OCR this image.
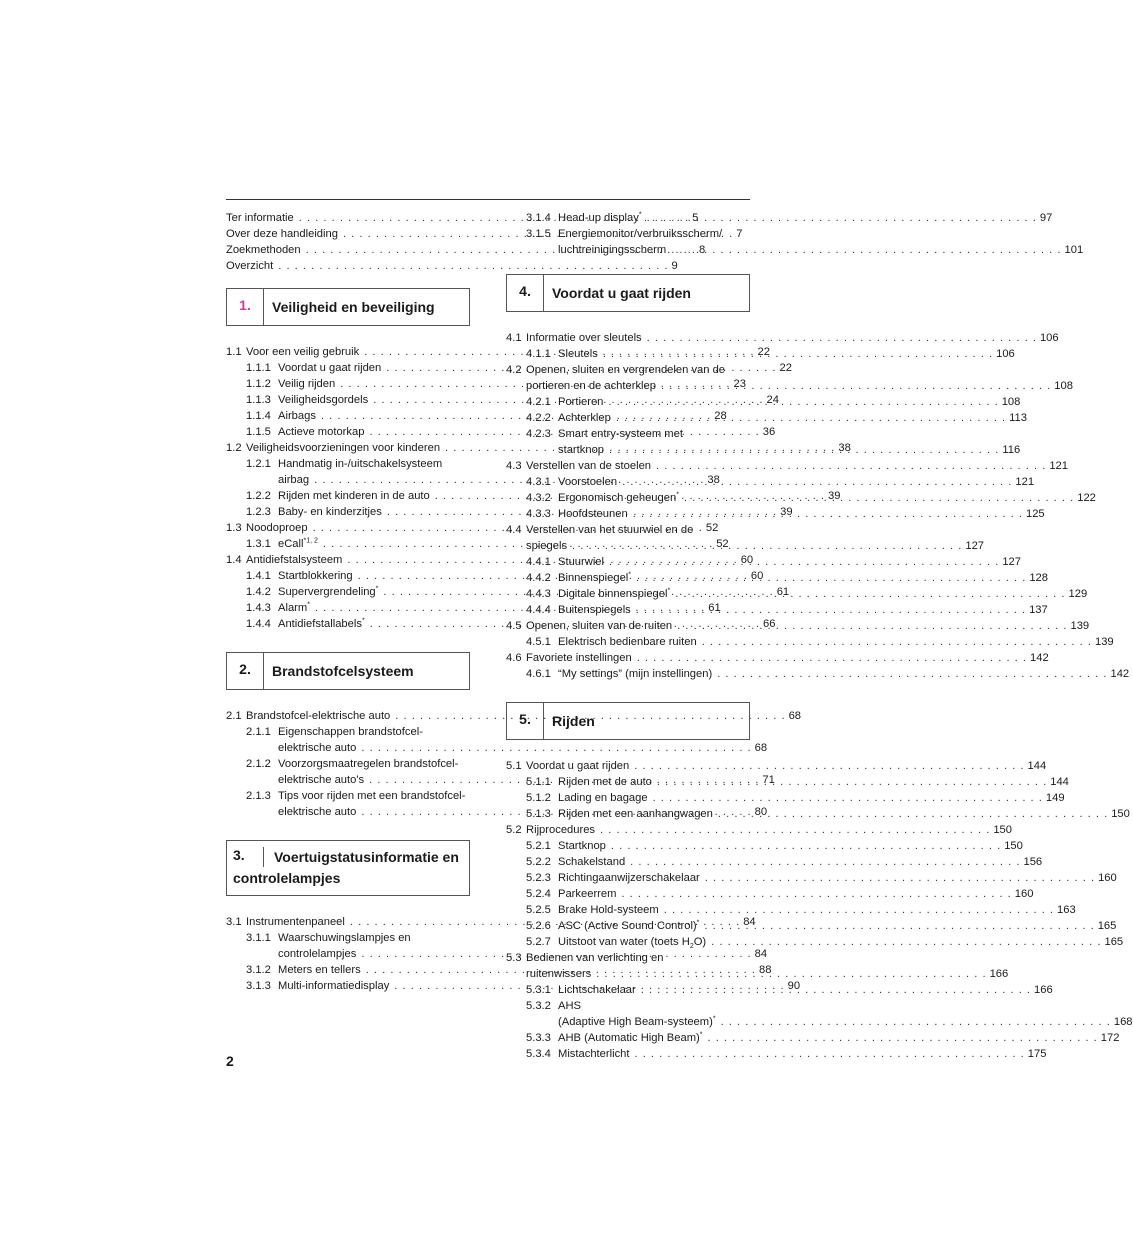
Ter informatie . . .	5
Over deze handleiding . . .	7
Zoekmethoden . . .	8
Overzicht . . .	9
1.	Veiligheid en beveiliging
1.1 Voor een veilig gebruik . . .	22
1.1.1 Voordat u gaat rijden . . .	22
1.1.2 Veilig rijden . . .	23
1.1.3 Veiligheidsgordels . . .	24
1.1.4 Airbags . . .	28
1.1.5 Actieve motorkap . . .	36
1.2 Veiligheidsvoorzieningen voor kinderen . . .	38
1.2.1 Handmatig in-/uitschakelsysteem
airbag . . .	38
1.2.2 Rijden met kinderen in de auto . . .	39
1.2.3 Baby- en kinderzitjes . . .	39
1.3 Noodoproep . . .	52
1.3.1 eCall$^{*1, 2}$ . . .	52
1.4 Antidiefstalsysteem . . .	60
1.4.1 Startblokkering . . .	60
1.4.2 Supervergrendeling* . . .	61
1.4.3 Alarm* . . .	61
1.4.4 Antidiefstallabels* . . .	66
2.	Brandstofcelsysteem
2.1 Brandstofcel-elektrische auto . . .	68
2.1.1 Eigenschappen brandstofcel-
elektrische auto . . .	68
2.1.2 Voorzorgsmaatregelen brandstofcel-
elektrische auto's . . .	71
2.1.3 Tips voor rijden met een brandstofcel-
elektrische auto . . .	80
3.	Voertuigstatusinformatie en
controlelampjes
3.1 Instrumentenpaneel . . .	84
3.1.1 Waarschuwingslampjes en
controlelampjes . . .	84
3.1.2 Meters en tellers . . .	88
3.1.3 Multi-informatiedisplay . . .	90
3.1.4 Head-up display* . . .	97
3.1.5 Energiemonitor/verbruiksscherm/
luchtreinigingsscherm . . .	101
4.	Voordat u gaat rijden
4.1 Informatie over sleutels . . .	106
4.1.1 Sleutels . . .	106
4.2 Openen, sluiten en vergrendelen van de
portieren en de achterklep . . .	108
4.2.1 Portieren . . .	108
4.2.2 Achterklep . . .	113
4.2.3 Smart entry-systeem met
startknop . . .	116
4.3 Verstellen van de stoelen . . .	121
4.3.1 Voorstoelen . . .	121
4.3.2 Ergonomisch geheugen* . . .	122
4.3.3 Hoofdsteunen . . .	125
4.4 Verstellen van het stuurwiel en de
spiegels . . .	127
4.4.1 Stuurwiel . . .	127
4.4.2 Binnenspiegel* . . .	128
4.4.3 Digitale binnenspiegel* . . .	129
4.4.4 Buitenspiegels . . .	137
4.5 Openen, sluiten van de ruiten . . .	139
4.5.1 Elektrisch bedienbare ruiten . . .	139
4.6 Favoriete instellingen . . .	142
4.6.1 “My settings” (mijn instellingen) . . .	142
5.	Rijden
5.1 Voordat u gaat rijden . . .	144
5.1.1 Rijden met de auto . . .	144
5.1.2 Lading en bagage . . .	149
5.1.3 Rijden met een aanhangwagen . . .	150
5.2 Rijprocedures . . .	150
5.2.1 Startknop . . .	150
5.2.2 Schakelstand . . .	156
5.2.3 Richtingaanwijzerschakelaar . . .	160
5.2.4 Parkeerrem . . .	160
5.2.5 Brake Hold-systeem . . .	163
5.2.6 ASC (Active Sound Control)* . . .	165
5.2.7 Uitstoot van water (toets $H_2O$) . . .	165
5.3 Bedienen van verlichting en
ruitenwissers . . .	166
5.3.1 Lichtschakelaar . . .	166
5.3.2 AHS
(Adaptive High Beam-systeem)* . . .	168
5.3.3 AHB (Automatic High Beam)* . . .	172
5.3.4 Mistachterlicht . . .	175
2
